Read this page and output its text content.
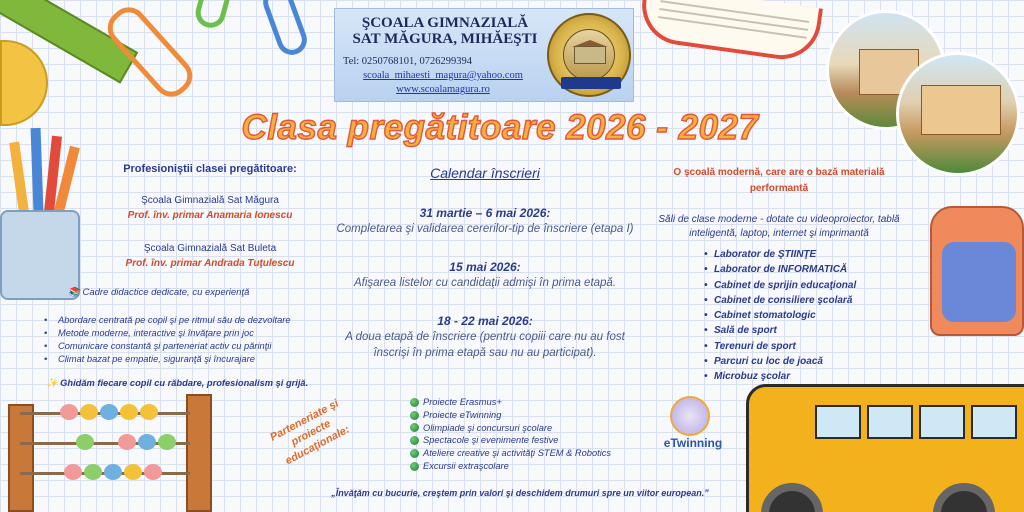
ŞCOALA GIMNAZIALĂ
SAT MĂGURA, MIHĂEŞTI
Tel: 0250768101, 0726299394
scoala_mihaesti_magura@yahoo.com
www.scoalamagura.ro
Clasa pregătitoare 2026 - 2027
Profesioniştii clasei pregătitoare:
Şcoala Gimnazială Sat Măgura
Prof. înv. primar Anamaria Ionescu
Şcoala Gimnazială Sat Buleta
Prof. înv. primar Andrada Tuţulescu
📚 Cadre didactice dedicate, cu experienţă
• Abordare centrată pe copil şi pe ritmul său de dezvoltare
• Metode moderne, interactive şi învăţare prin joc
• Comunicare constantă şi parteneriat activ cu părinţii
• Climat bazat pe empatie, siguranţă şi încurajare
✨ Ghidăm fiecare copil cu răbdare, profesionalism şi grijă.
Calendar înscrieri
31 martie – 6 mai 2026:
Completarea şi validarea cererilor-tip de înscriere (etapa I)
15 mai 2026:
Afişarea listelor cu candidaţii admişi în prima etapă.
18 - 22 mai 2026:
A doua etapă de înscriere (pentru copiii care nu au fost înscrişi în prima etapă sau nu au participat).
O şcoală modernă, care are o bază materială performantă
Săli de clase moderne - dotate cu videoproiector, tablă inteligentă, laptop, internet şi imprimantă
• Laborator de ŞTIINŢE
• Laborator de INFORMATICĂ
• Cabinet de sprijin educaţional
• Cabinet de consiliere şcolară
• Cabinet stomatologic
• Sală de sport
• Terenuri de sport
• Parcuri cu loc de joacă
• Microbuz şcolar
Parteneriate şi proiecte educaţionale:
Proiecte Erasmus+
Proiecte eTwinning
Olimpiade şi concursuri şcolare
Spectacole şi evenimente festive
Ateliere creative şi activităţi STEM & Robotics
Excursii extraşcolare
eTwinning
„Învăţăm cu bucurie, creştem prin valori şi deschidem drumuri spre un viitor european.”
